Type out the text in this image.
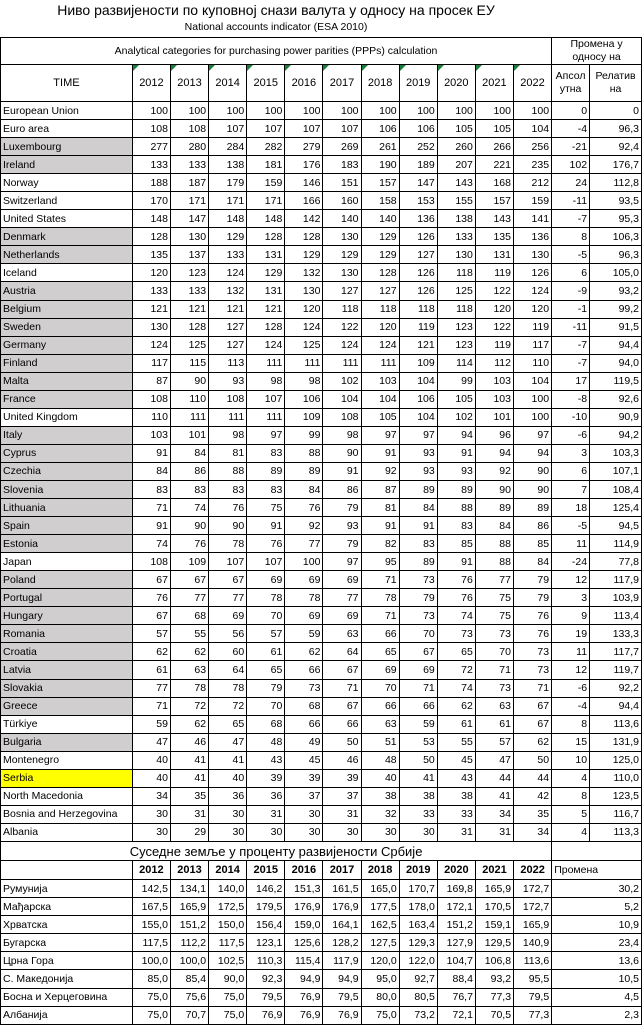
Ниво развијености по куповној снази валута у односу на просек ЕУ
National accounts indicator (ESA 2010)
Analytical categories for purchasing power parities (PPPs) calculation												Промена у односу на	
TIME	2012	2013	2014	2015	2016	2017	2018	2019	2020	2021	2022	Апсол утна	Релатив на
European Union	100	100	100	100	100	100	100	100	100	100	100	0	0
Euro area	108	108	107	107	107	107	106	106	105	105	104	-4	96,3
Luxembourg	277	280	284	282	279	269	261	252	260	266	256	-21	92,4
Ireland	133	133	138	181	176	183	190	189	207	221	235	102	176,7
Norway	188	187	179	159	146	151	157	147	143	168	212	24	112,8
Switzerland	170	171	171	171	166	160	158	153	155	157	159	-11	93,5
United States	148	147	148	148	142	140	140	136	138	143	141	-7	95,3
Denmark	128	130	129	128	128	130	129	126	133	135	136	8	106,3
Netherlands	135	137	133	131	129	129	129	127	130	131	130	-5	96,3
Iceland	120	123	124	129	132	130	128	126	118	119	126	6	105,0
Austria	133	133	132	131	130	127	127	126	125	122	124	-9	93,2
Belgium	121	121	121	121	120	118	118	118	118	120	120	-1	99,2
Sweden	130	128	127	128	124	122	120	119	123	122	119	-11	91,5
Germany	124	125	127	124	125	124	124	121	123	119	117	-7	94,4
Finland	117	115	113	111	111	111	111	109	114	112	110	-7	94,0
Malta	87	90	93	98	98	102	103	104	99	103	104	17	119,5
France	108	110	108	107	106	104	104	106	105	103	100	-8	92,6
United Kingdom	110	111	111	111	109	108	105	104	102	101	100	-10	90,9
Italy	103	101	98	97	99	98	97	97	94	96	97	-6	94,2
Cyprus	91	84	81	83	88	90	91	93	91	94	94	3	103,3
Czechia	84	86	88	89	89	91	92	93	93	92	90	6	107,1
Slovenia	83	83	83	83	84	86	87	89	89	90	90	7	108,4
Lithuania	71	74	76	75	76	79	81	84	88	89	89	18	125,4
Spain	91	90	90	91	92	93	91	91	83	84	86	-5	94,5
Estonia	74	76	78	76	77	79	82	83	85	88	85	11	114,9
Japan	108	109	107	107	100	97	95	89	91	88	84	-24	77,8
Poland	67	67	67	69	69	69	71	73	76	77	79	12	117,9
Portugal	76	77	77	78	78	77	78	79	76	75	79	3	103,9
Hungary	67	68	69	70	69	69	71	73	74	75	76	9	113,4
Romania	57	55	56	57	59	63	66	70	73	73	76	19	133,3
Croatia	62	62	60	61	62	64	65	67	65	70	73	11	117,7
Latvia	61	63	64	65	66	67	69	69	72	71	73	12	119,7
Slovakia	77	78	78	79	73	71	70	71	74	73	71	-6	92,2
Greece	71	72	72	70	68	67	66	66	62	63	67	-4	94,4
Türkiye	59	62	65	68	66	66	63	59	61	61	67	8	113,6
Bulgaria	47	46	47	48	49	50	51	53	55	57	62	15	131,9
Montenegro	40	41	41	43	45	46	48	50	45	47	50	10	125,0
Serbia	40	41	40	39	39	39	40	41	43	44	44	4	110,0
North Macedonia	34	35	36	36	37	37	38	38	38	41	42	8	123,5
Bosnia and Herzegovina	30	31	30	31	30	31	32	33	33	34	35	5	116,7
Albania	30	29	30	30	30	30	30	30	31	31	34	4	113,3
Суседне земље у проценту развијености Србије												
	2012	2013	2014	2015	2016	2017	2018	2019	2020	2021	2022	Промена
Румунија	142,5	134,1	140,0	146,2	151,3	161,5	165,0	170,7	169,8	165,9	172,7	30,2
Мађарска	167,5	165,9	172,5	179,5	176,9	176,9	177,5	178,0	172,1	170,5	172,7	5,2
Хрватска	155,0	151,2	150,0	156,4	159,0	164,1	162,5	163,4	151,2	159,1	165,9	10,9
Бугарска	117,5	112,2	117,5	123,1	125,6	128,2	127,5	129,3	127,9	129,5	140,9	23,4
Црна Гора	100,0	100,0	102,5	110,3	115,4	117,9	120,0	122,0	104,7	106,8	113,6	13,6
С. Македонија	85,0	85,4	90,0	92,3	94,9	94,9	95,0	92,7	88,4	93,2	95,5	10,5
Босна и Херцеговина	75,0	75,6	75,0	79,5	76,9	79,5	80,0	80,5	76,7	77,3	79,5	4,5
Албанија	75,0	70,7	75,0	76,9	76,9	76,9	75,0	73,2	72,1	70,5	77,3	2,3
